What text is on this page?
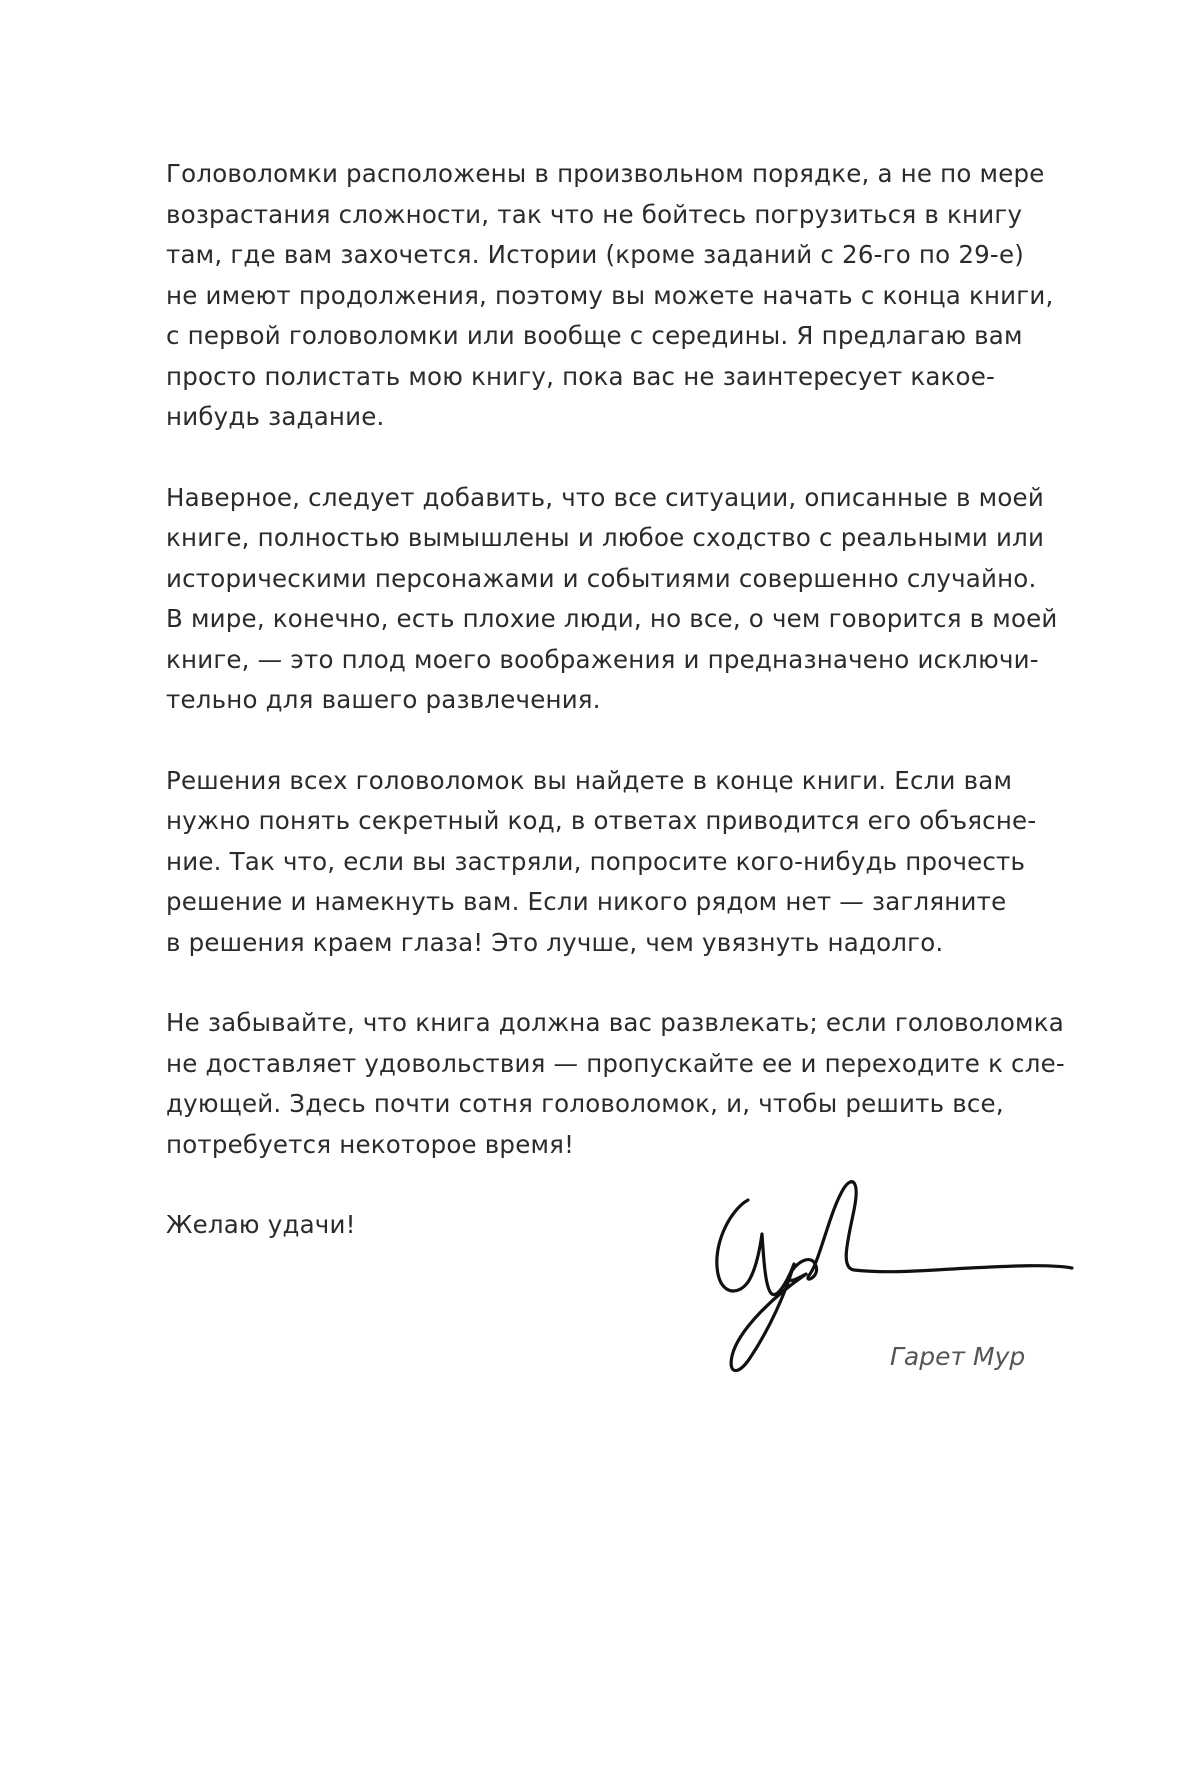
Головоломки расположены в произвольном порядке, а не по мере
возрастания сложности, так что не бойтесь погрузиться в книгу
там, где вам захочется. Истории (кроме заданий с 26-го по 29-е)
не имеют продолжения, поэтому вы можете начать с конца книги,
с первой головоломки или вообще с середины. Я предлагаю вам
просто полистать мою книгу, пока вас не заинтересует какое-
нибудь задание.

Наверное, следует добавить, что все ситуации, описанные в моей
книге, полностью вымышлены и любое сходство с реальными или
историческими персонажами и событиями совершенно случайно.
В мире, конечно, есть плохие люди, но все, о чем говорится в моей
книге, — это плод моего воображения и предназначено исключи-
тельно для вашего развлечения.

Решения всех головоломок вы найдете в конце книги. Если вам
нужно понять секретный код, в ответах приводится его объясне-
ние. Так что, если вы застряли, попросите кого-нибудь прочесть
решение и намекнуть вам. Если никого рядом нет — загляните
в решения краем глаза! Это лучше, чем увязнуть надолго.

Не забывайте, что книга должна вас развлекать; если головоломка
не доставляет удовольствия — пропускайте ее и переходите к сле-
дующей. Здесь почти сотня головоломок, и, чтобы решить все,
потребуется некоторое время!

Желаю удачи!

Гарет Мур
